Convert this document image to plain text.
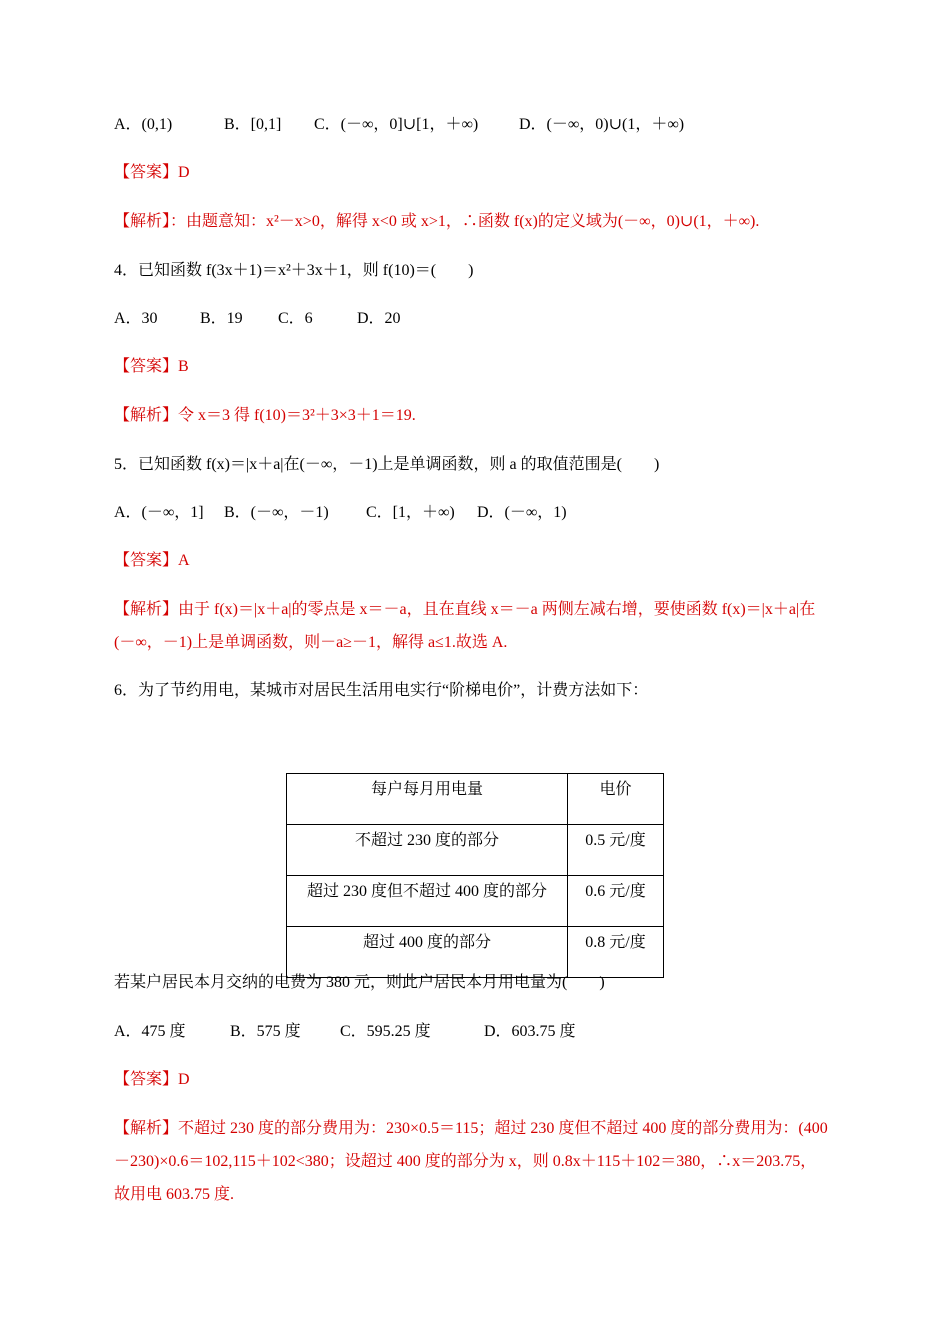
A．(0,1)	B．[0,1] C．(－∞，0]∪[1，＋∞)	D．(－∞，0)∪(1，＋∞)
【答案】D
【解析】：由题意知：x²－x>0，解得 x<0 或 x>1，∴函数 f(x)的定义域为(－∞，0)∪(1，＋∞).
4．已知函数 f(3x＋1)＝x²＋3x＋1，则 f(10)＝(　　)
A．30	B．19 C．6	D．20
【答案】B
【解析】令 x＝3 得 f(10)＝3²＋3×3＋1＝19.
5．已知函数 f(x)＝|x＋a|在(－∞，－1)上是单调函数，则 a 的取值范围是(　　)
A．(－∞，1] B．(－∞，－1) C．[1，＋∞) D．(－∞，1)
【答案】A
【解析】由于 f(x)＝|x＋a|的零点是 x＝－a，且在直线 x＝－a 两侧左减右增，要使函数 f(x)＝|x＋a|在
(－∞，－1)上是单调函数，则－a≥－1，解得 a≤1.故选 A.
6．为了节约用电，某城市对居民生活用电实行“阶梯电价”，计费方法如下：
每户每月用电量	电价
不超过 230 度的部分	0.5 元/度
超过 230 度但不超过 400 度的部分	0.6 元/度
超过 400 度的部分	0.8 元/度
若某户居民本月交纳的电费为 380 元，则此户居民本月用电量为(　　)
A．475 度	B．575 度 C．595.25 度	D．603.75 度
【答案】D
【解析】不超过 230 度的部分费用为：230×0.5＝115；超过 230 度但不超过 400 度的部分费用为：(400
－230)×0.6＝102,115＋102<380；设超过 400 度的部分为 x，则 0.8x＋115＋102＝380，∴x＝203.75，
故用电 603.75 度.
